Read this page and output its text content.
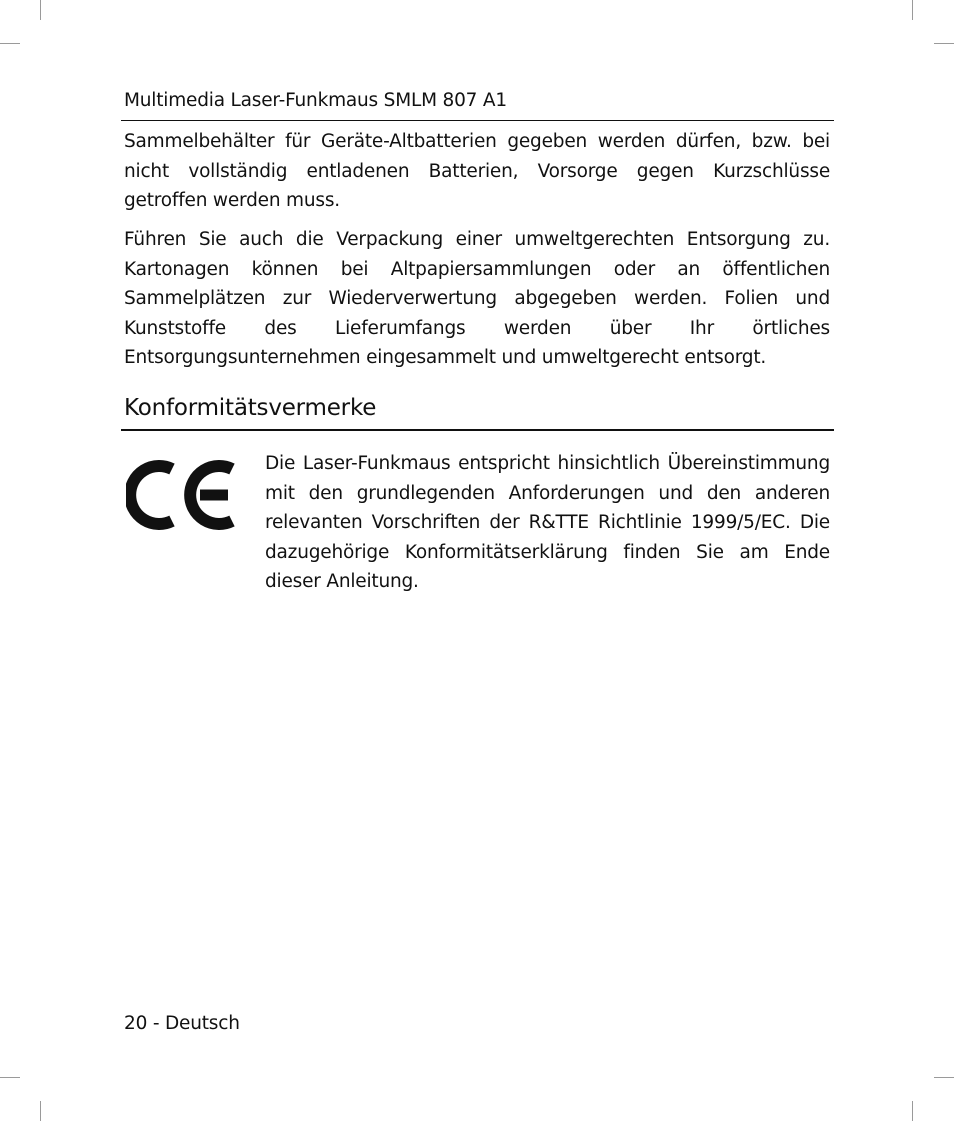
Multimedia Laser-Funkmaus SMLM 807 A1

Sammelbehälter für Geräte-Altbatterien gegeben werden dürfen, bzw. bei nicht vollständig entladenen Batterien, Vorsorge gegen Kurzschlüsse getroffen werden muss.

Führen Sie auch die Verpackung einer umweltgerechten Entsorgung zu. Kartonagen können bei Altpapiersammlungen oder an öffentlichen Sammelplätzen zur Wiederverwertung abgegeben werden. Folien und Kunststoffe des Lieferumfangs werden über Ihr örtliches Entsorgungsunternehmen eingesammelt und umweltgerecht entsorgt.

Konformitätsvermerke

Die Laser-Funkmaus entspricht hinsichtlich Übereinstimmung mit den grundlegenden Anforderungen und den anderen relevanten Vorschriften der R&TTE Richtlinie 1999/5/EC. Die dazugehörige Konformitätserklärung finden Sie am Ende dieser Anleitung.

20 - Deutsch
